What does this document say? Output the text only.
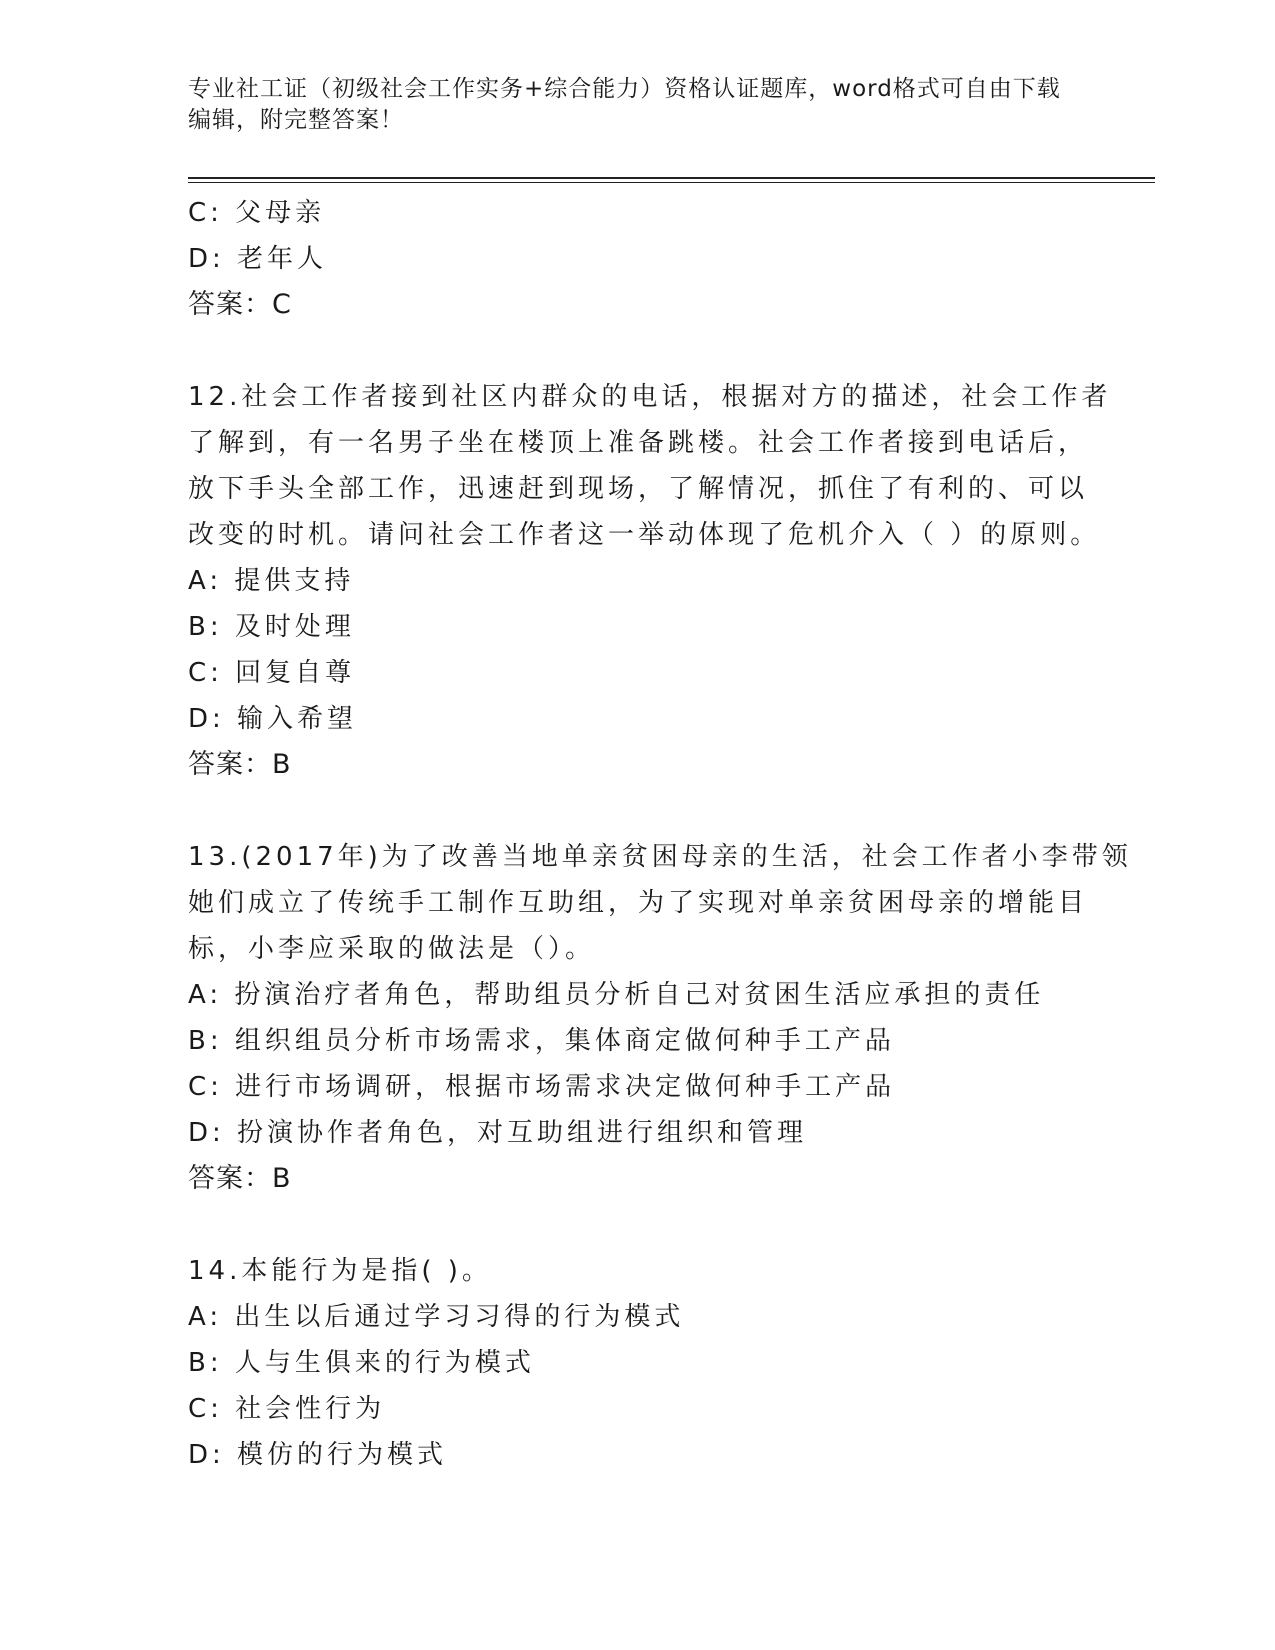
专业社工证（初级社会工作实务+综合能力）资格认证题库，word格式可自由下载
编辑，附完整答案！
C: 父母亲
D: 老年人
答案：C
12.社会工作者接到社区内群众的电话，根据对方的描述，社会工作者
了解到，有一名男子坐在楼顶上准备跳楼。社会工作者接到电话后，
放下手头全部工作，迅速赶到现场，了解情况，抓住了有利的、可以
改变的时机。请问社会工作者这一举动体现了危机介入（ ）的原则。
A: 提供支持
B: 及时处理
C: 回复自尊
D: 输入希望
答案：B
13.(2017年)为了改善当地单亲贫困母亲的生活，社会工作者小李带领
她们成立了传统手工制作互助组，为了实现对单亲贫困母亲的增能目
标，小李应采取的做法是（）。
A: 扮演治疗者角色，帮助组员分析自己对贫困生活应承担的责任
B: 组织组员分析市场需求，集体商定做何种手工产品
C: 进行市场调研，根据市场需求决定做何种手工产品
D: 扮演协作者角色，对互助组进行组织和管理
答案：B
14.本能行为是指( )。
A: 出生以后通过学习习得的行为模式
B: 人与生俱来的行为模式
C: 社会性行为
D: 模仿的行为模式
